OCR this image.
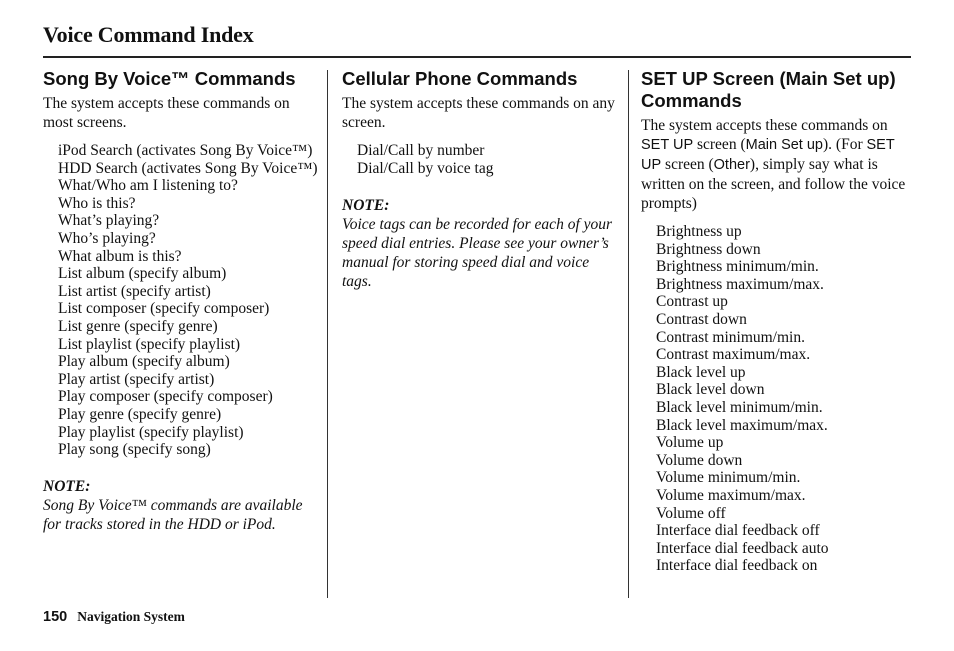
Voice Command Index
Song By Voice™ Commands

The system accepts these commands on most screens.

iPod Search (activates Song By Voice™)
HDD Search (activates Song By Voice™)
What/Who am I listening to?
Who is this?
What’s playing?
Who’s playing?
What album is this?
List album (specify album)
List artist (specify artist)
List composer (specify composer)
List genre (specify genre)
List playlist (specify playlist)
Play album (specify album)
Play artist (specify artist)
Play composer (specify composer)
Play genre (specify genre)
Play playlist (specify playlist)
Play song (specify song)
NOTE:

Song By Voice™ commands are available for tracks stored in the HDD or iPod.

Cellular Phone Commands

The system accepts these commands on any screen.

Dial/Call by number
Dial/Call by voice tag
NOTE:

Voice tags can be recorded for each of your speed dial entries. Please see your owner’s manual for storing speed dial and voice tags.

SET UP Screen (Main Set up) Commands

The system accepts these commands on SET UP screen (Main Set up). (For SET UP screen (Other), simply say what is written on the screen, and follow the voice prompts)

Brightness up
Brightness down
Brightness minimum/min.
Brightness maximum/max.
Contrast up
Contrast down
Contrast minimum/min.
Contrast maximum/max.
Black level up
Black level down
Black level minimum/min.
Black level maximum/max.
Volume up
Volume down
Volume minimum/min.
Volume maximum/max.
Volume off
Interface dial feedback off
Interface dial feedback auto
Interface dial feedback on
150 Navigation System
